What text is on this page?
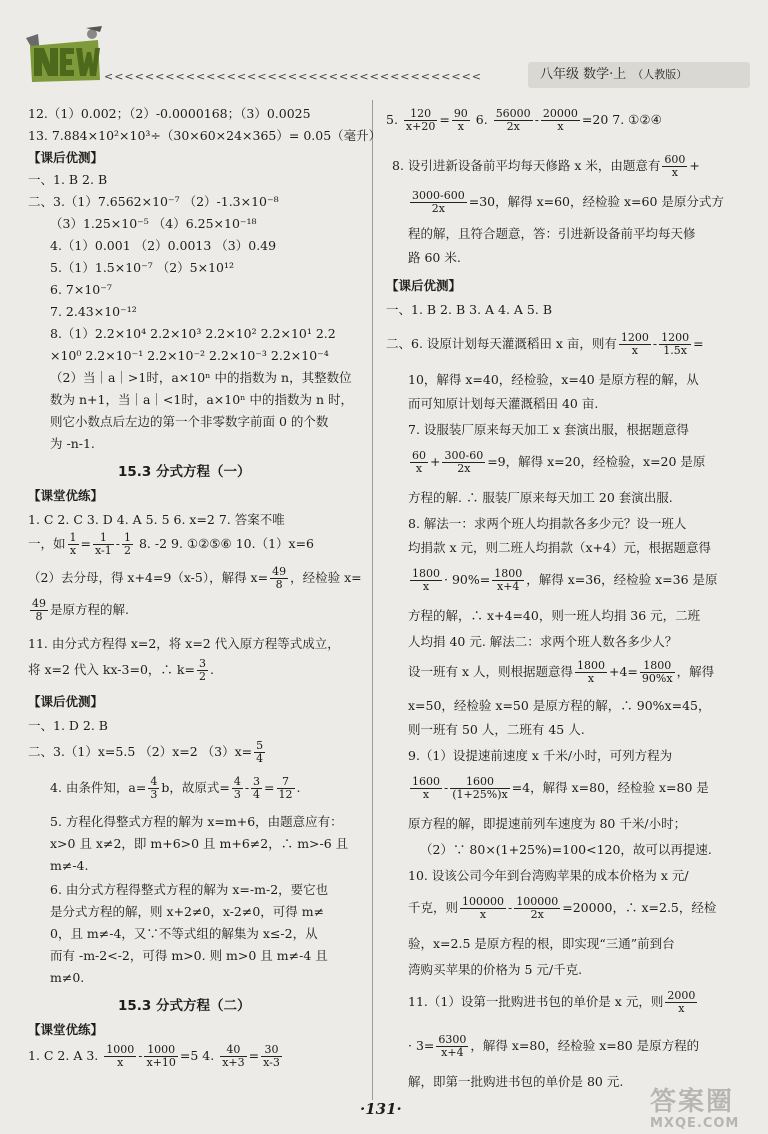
<<<<<<<<<<<<<<<<<<<<<<<<<<<<<<<<<<<<<	八年级 数学·上 （人教版）
12.（1）0.002；（2）-0.0000168；（3）0.0025
13. 7.884×10²×10³÷（30×60×24×365）= 0.05（毫升）
【课后优测】
一、1. B 2. B
二、3.（1）7.6562×10⁻⁷ （2）-1.3×10⁻⁸
（3）1.25×10⁻⁵ （4）6.25×10⁻¹⁸
4.（1）0.001 （2）0.0013 （3）0.49
5.（1）1.5×10⁻⁷ （2）5×10¹²
6. 7×10⁻⁷
7. 2.43×10⁻¹²
8.（1）2.2×10⁴ 2.2×10³ 2.2×10² 2.2×10¹ 2.2
×10⁰ 2.2×10⁻¹ 2.2×10⁻² 2.2×10⁻³ 2.2×10⁻⁴
（2）当｜a｜>1时，a×10ⁿ 中的指数为 n，其整数位
数为 n+1，当｜a｜<1时，a×10ⁿ 中的指数为 n 时，
则它小数点后左边的第一个非零数字前面 0 的个数
为 -n-1.
15.3 分式方程（一）
【课堂优练】
1. C 2. C 3. D 4. A 5. 5 6. x=2 7. 答案不唯
一，如 $\frac{1}{x} = \frac{1}{x-1} - \frac{1}{2} 8$. -2 9. ①②⑤⑥ 10.（1）x=6
（2）去分母，得 x+4=9（x-5），解得 $x= \frac{49}{8}$ ，经检验 x=
$\frac{49}{8}$ 是原方程的解.
11. 由分式方程得 x=2，将 x=2 代入原方程等式成立，
将 x=2 代入 kx-3=0，∴ $k= \frac{3}{2}$ .
【课后优测】
一、1. D 2. B
二、3.（1）x=5.5 （2）x=2 $(3)x= \frac{5}{4}$
4. 由条件知，$a= \frac{4}{3}$ b，故原式= $\frac{4}{3} - \frac{3}{4} = \frac{7}{12}$ .
5. 方程化得整式方程的解为 x=m+6，由题意应有：
x>0 且 x≠2，即 m+6>0 且 m+6≠2，∴ m>-6 且
m≠-4.
6. 由分式方程得整式方程的解为 x=-m-2，要它也
是分式方程的解，则 x+2≠0，x-2≠0，可得 m≠
0，且 m≠-4，又∵不等式组的解集为 x≤-2，从
而有 -m-2<-2，可得 m>0. 则 m>0 且 m≠-4 且
m≠0.
15.3 分式方程（二）
【课堂优练】
1. C 2. A 3. $\frac{1000}{x} - \frac{1000}{x+10} =5$ 4. $\frac{40}{x+3} = \frac{30}{x-3}$
5. $\frac{120}{x+20} = \frac{90}{x} 6$. $\frac{56000}{2x} - \frac{20000}{x} =20$ 7. ①②④
8. 设引进新设备前平均每天修路 x 米，由题意有 $\frac{600}{x}$ +
$\frac{3000-600}{2x} =30$，解得 x=60，经检验 x=60 是原分式方
程的解，且符合题意，答：引进新设备前平均每天修
路 60 米.
【课后优测】
一、1. B 2. B 3. A 4. A 5. B
二、6. 设原计划每天灌溉稻田 x 亩，则有 $\frac{1200}{x} - \frac{1200}{1.5x}$ =
10，解得 x=40，经检验，x=40 是原方程的解，从
而可知原计划每天灌溉稻田 40 亩.
7. 设服装厂原来每天加工 x 套演出服，根据题意得
$\frac{60}{x} + \frac{300-60}{2x} =9$，解得 x=20，经检验，x=20 是原
方程的解. ∴ 服装厂原来每天加工 20 套演出服.
8. 解法一：求两个班人均捐款各多少元？设一班人
均捐款 x 元，则二班人均捐款（x+4）元，根据题意得
$\frac{1800}{x} \cdot 90\%= \frac{1800}{x+4}$ ，解得 x=36，经检验 x=36 是原
方程的解，∴ x+4=40，则一班人均捐 36 元，二班
人均捐 40 元. 解法二：求两个班人数各多少人？
设一班有 x 人，则根据题意得 $\frac{1800}{x} +4= \frac{1800}{90\%x}$ ，解得
x=50，经检验 x=50 是原方程的解，∴ 90%x=45，
则一班有 50 人，二班有 45 人.
9.（1）设提速前速度 x 千米/小时，可列方程为
$\frac{1600}{x} - \frac{1600}{(1+25\%)x} =4$，解得 x=80，经检验 x=80 是
原方程的解，即提速前列车速度为 80 千米/小时；
（2）∵ 80×(1+25%)=100<120，故可以再提速.
10. 设该公司今年到台湾购苹果的成本价格为 x 元/
千克，则 $\frac{100000}{x} - \frac{100000}{2x} =20000$，∴ x=2.5，经检
验，x=2.5 是原方程的根，即实现“三通”前到台
湾购买苹果的价格为 5 元/千克.
11.（1）设第一批购进书包的单价是 x 元，则 $\frac{2000}{x}$
· $3= \frac{6300}{x+4}$ ，解得 x=80，经检验 x=80 是原方程的
解，即第一批购进书包的单价是 80 元.
·131·	答案圈
MXQE.COM
